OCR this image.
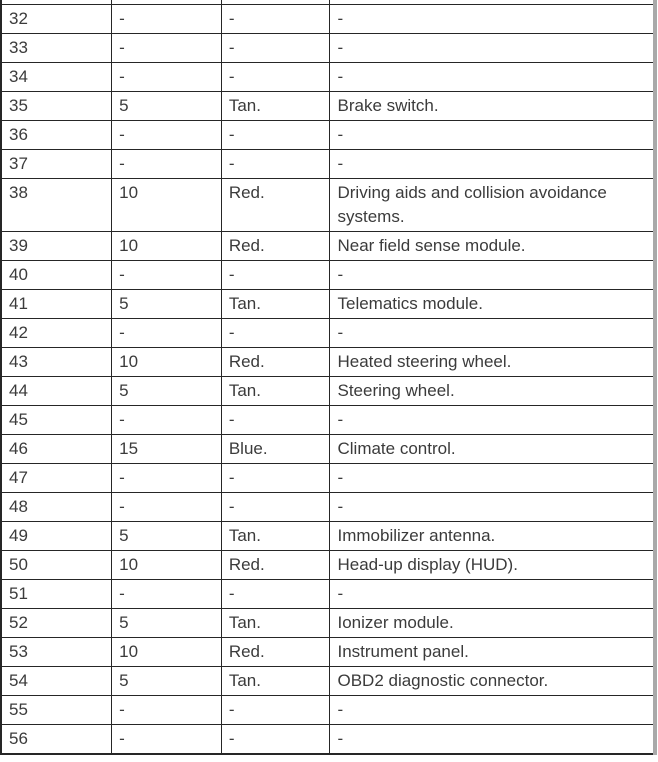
32	-	-	-
33	-	-	-
34	-	-	-
35	5	Tan.	Brake switch.
36	-	-	-
37	-	-	-
38	10	Red.	Driving aids and collision avoidance systems.
39	10	Red.	Near field sense module.
40	-	-	-
41	5	Tan.	Telematics module.
42	-	-	-
43	10	Red.	Heated steering wheel.
44	5	Tan.	Steering wheel.
45	-	-	-
46	15	Blue.	Climate control.
47	-	-	-
48	-	-	-
49	5	Tan.	Immobilizer antenna.
50	10	Red.	Head-up display (HUD).
51	-	-	-
52	5	Tan.	Ionizer module.
53	10	Red.	Instrument panel.
54	5	Tan.	OBD2 diagnostic connector.
55	-	-	-
56	-	-	-
